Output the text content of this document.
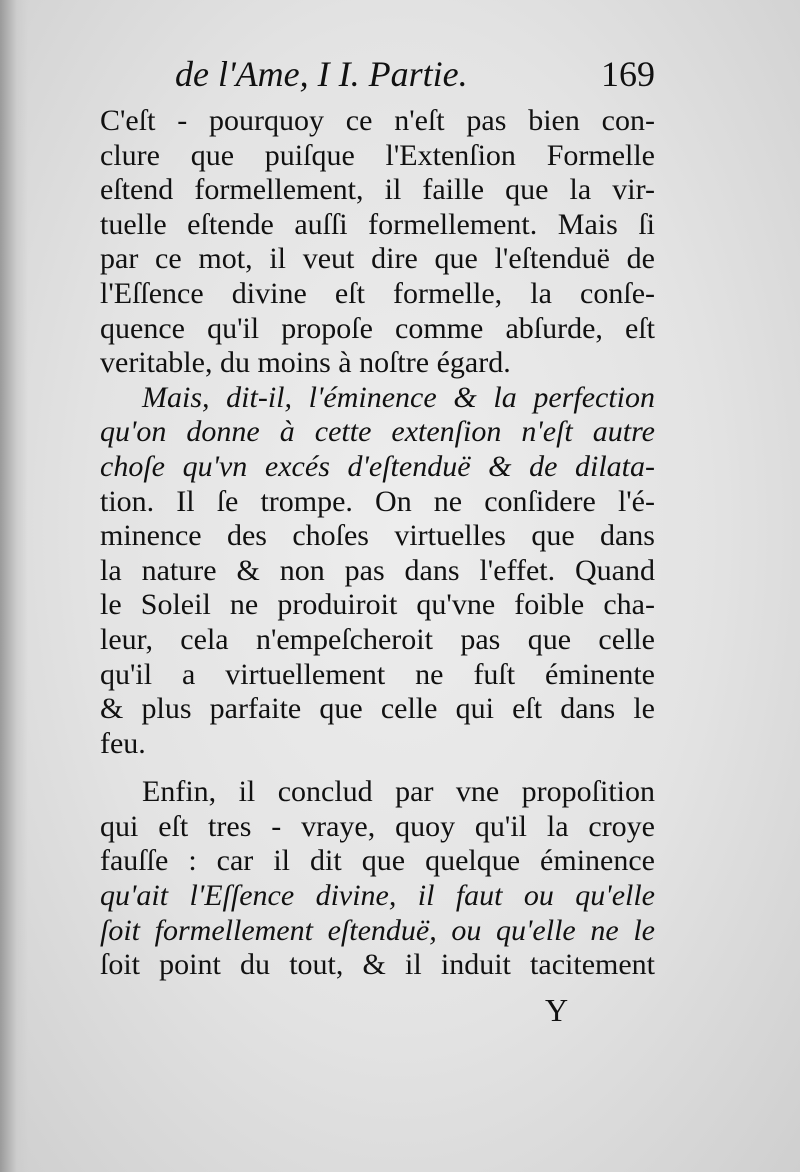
de l'Ame, I I. Partie.	169
C'eſt - pourquoy ce n'eſt pas bien con-
clure que puiſque l'Extenſion Formelle
eſtend formellement, il faille que la vir-
tuelle eſtende auſſi formellement. Mais ſi
par ce mot, il veut dire que l'eſtenduë de
l'Eſſence divine eſt formelle, la conſe-
quence qu'il propoſe comme abſurde, eſt
veritable, du moins à noſtre égard.
Mais, dit-il, l'éminence & la perfection
qu'on donne à cette extenſion n'eſt autre
choſe qu'vn excés d'eſtenduë & de dilata-
tion. Il ſe trompe. On ne conſidere l'é-
minence des choſes virtuelles que dans
la nature & non pas dans l'effet. Quand
le Soleil ne produiroit qu'vne foible cha-
leur, cela n'empeſcheroit pas que celle
qu'il a virtuellement ne fuſt éminente
& plus parfaite que celle qui eſt dans le
feu.
Enfin, il conclud par vne propoſition
qui eſt tres - vraye, quoy qu'il la croye
fauſſe : car il dit que quelque éminence
qu'ait l'Eſſence divine, il faut ou qu'elle
ſoit formellement eſtenduë, ou qu'elle ne le
ſoit point du tout, & il induit tacitement
Y
